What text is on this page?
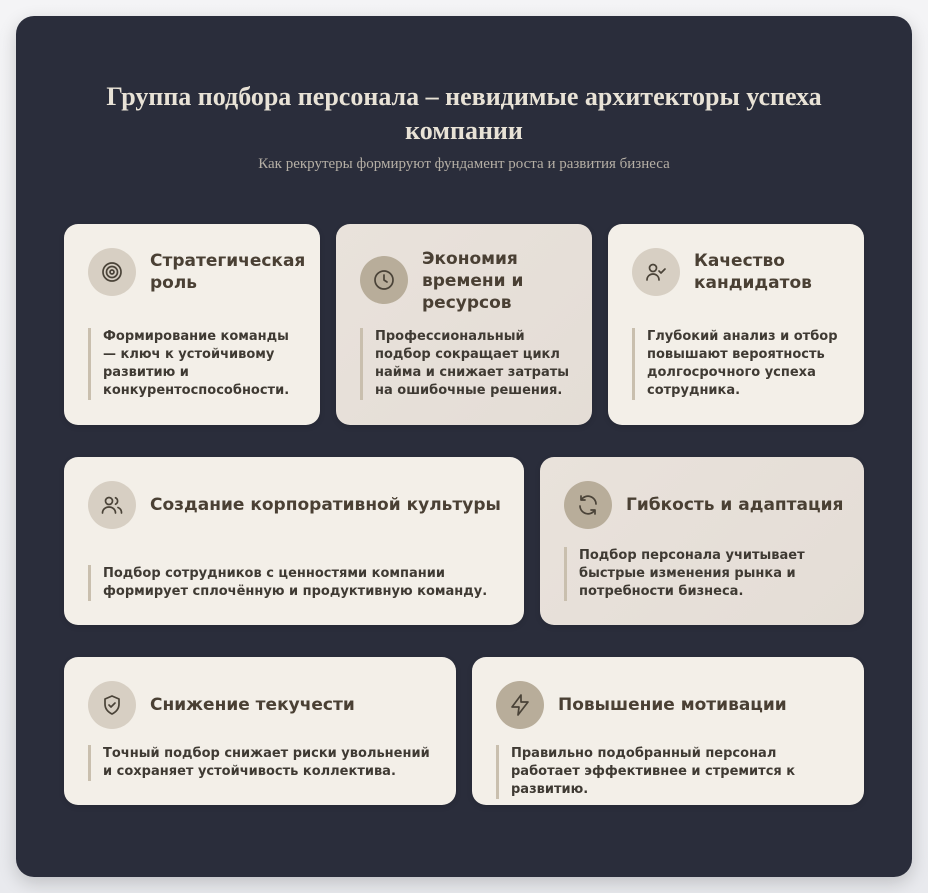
Группа подбора персонала – невидимые архитекторы успеха компании

Как рекрутеры формируют фундамент роста и развития бизнеса

Стратегическая роль

Формирование команды — ключ к устойчивому развитию и конкурентоспособности.

Экономия времени и ресурсов

Профессиональный подбор сокращает цикл найма и снижает затраты на ошибочные решения.

Качество кандидатов

Глубокий анализ и отбор повышают вероятность долгосрочного успеха сотрудника.

Создание корпоративной культуры

Подбор сотрудников с ценностями компании формирует сплочённую и продуктивную команду.

Гибкость и адаптация

Подбор персонала учитывает быстрые изменения рынка и потребности бизнеса.

Снижение текучести

Точный подбор снижает риски увольнений и сохраняет устойчивость коллектива.

Повышение мотивации

Правильно подобранный персонал работает эффективнее и стремится к развитию.
